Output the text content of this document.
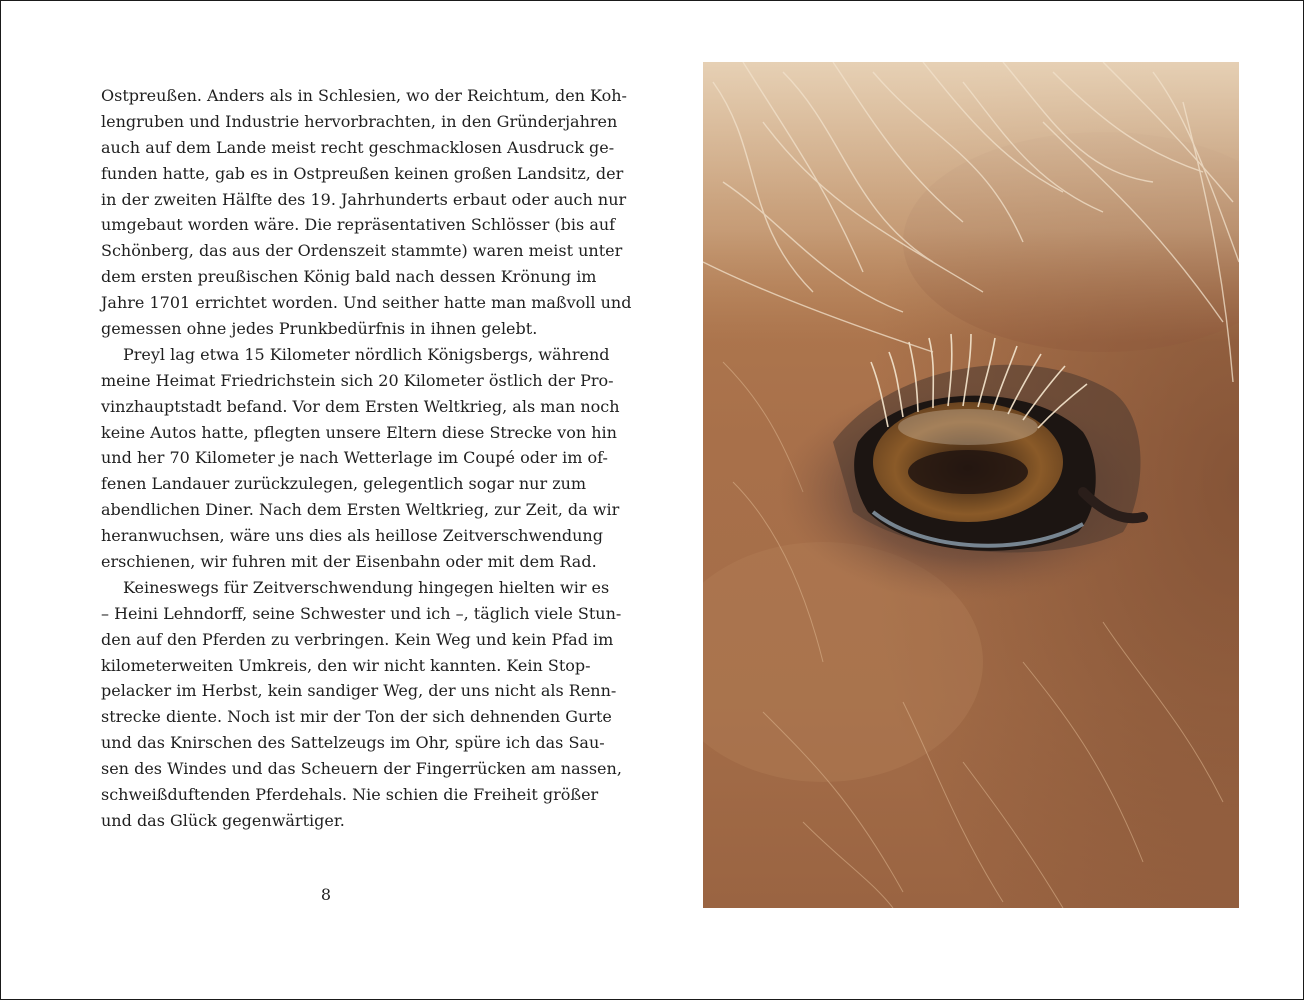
Ostpreußen. Anders als in Schlesien, wo der Reichtum, den Koh-
lengruben und Industrie hervorbrachten, in den Gründerjahren
auch auf dem Lande meist recht geschmacklosen Ausdruck ge-
funden hatte, gab es in Ostpreußen keinen großen Landsitz, der
in der zweiten Hälfte des 19. Jahrhunderts erbaut oder auch nur
umgebaut worden wäre. Die repräsentativen Schlösser (bis auf
Schönberg, das aus der Ordenszeit stammte) waren meist unter
dem ersten preußischen König bald nach dessen Krönung im
Jahre 1701 errichtet worden. Und seither hatte man maßvoll und
gemessen ohne jedes Prunkbedürfnis in ihnen gelebt.
Preyl lag etwa 15 Kilometer nördlich Königsbergs, während
meine Heimat Friedrichstein sich 20 Kilometer östlich der Pro-
vinzhauptstadt befand. Vor dem Ersten Weltkrieg, als man noch
keine Autos hatte, pflegten unsere Eltern diese Strecke von hin
und her 70 Kilometer je nach Wetterlage im Coupé oder im of-
fenen Landauer zurückzulegen, gelegentlich sogar nur zum
abendlichen Diner. Nach dem Ersten Weltkrieg, zur Zeit, da wir
heranwuchsen, wäre uns dies als heillose Zeitverschwendung
erschienen, wir fuhren mit der Eisenbahn oder mit dem Rad.
Keineswegs für Zeitverschwendung hingegen hielten wir es
– Heini Lehndorff, seine Schwester und ich –, täglich viele Stun-
den auf den Pferden zu verbringen. Kein Weg und kein Pfad im
kilometerweiten Umkreis, den wir nicht kannten. Kein Stop-
pelacker im Herbst, kein sandiger Weg, der uns nicht als Renn-
strecke diente. Noch ist mir der Ton der sich dehnenden Gurte
und das Knirschen des Sattelzeugs im Ohr, spüre ich das Sau-
sen des Windes und das Scheuern der Fingerrücken am nassen,
schweißduftenden Pferdehals. Nie schien die Freiheit größer
und das Glück gegenwärtiger.
8
